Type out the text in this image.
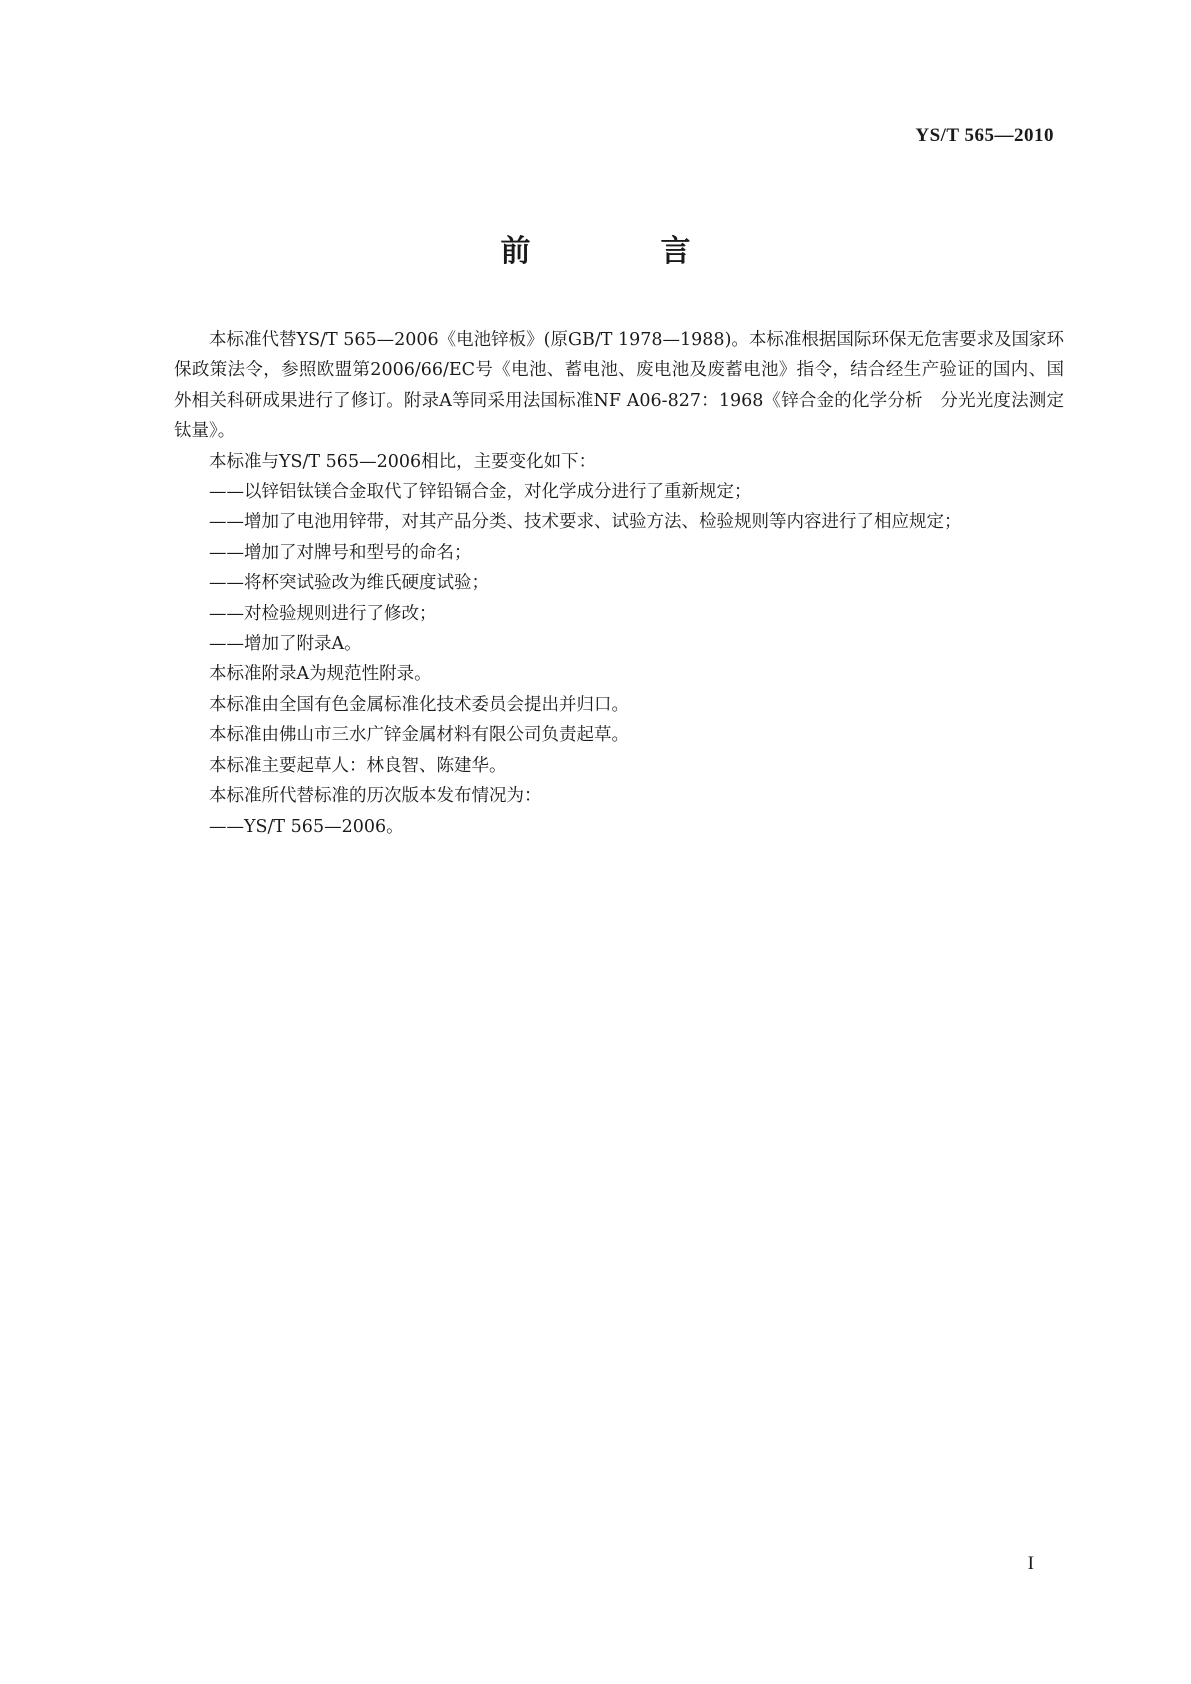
YS/T 565—2010
前　言

本标准代替YS/T 565—2006《电池锌板》(原GB/T 1978—1988)。本标准根据国际环保无危害要求及国家环保政策法令，参照欧盟第2006/66/EC号《电池、蓄电池、废电池及废蓄电池》指令，结合经生产验证的国内、国外相关科研成果进行了修订。附录A等同采用法国标准NF A06-827：1968《锌合金的化学分析　分光光度法测定钛量》。

本标准与YS/T 565—2006相比，主要变化如下：

——以锌铝钛镁合金取代了锌铅镉合金，对化学成分进行了重新规定；

——增加了电池用锌带，对其产品分类、技术要求、试验方法、检验规则等内容进行了相应规定；

——增加了对牌号和型号的命名；

——将杯突试验改为维氏硬度试验；

——对检验规则进行了修改；

——增加了附录A。

本标准附录A为规范性附录。

本标准由全国有色金属标准化技术委员会提出并归口。

本标准由佛山市三水广锌金属材料有限公司负责起草。

本标准主要起草人：林良智、陈建华。

本标准所代替标准的历次版本发布情况为：

——YS/T 565—2006。

I
